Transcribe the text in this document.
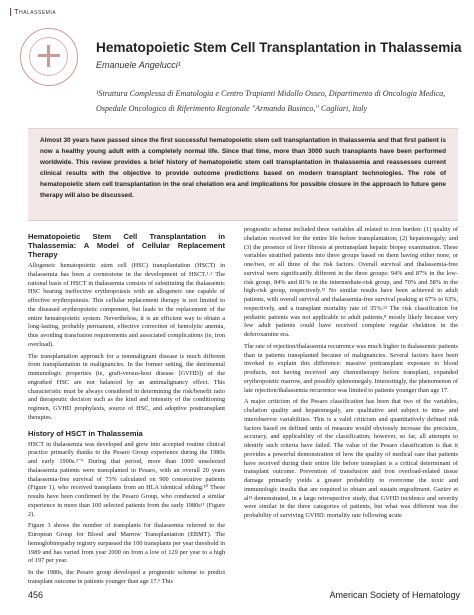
Thalassemia
Hematopoietic Stem Cell Transplantation in Thalassemia
Emanuele Angelucci¹
¹Struttura Complessa di Ematologia e Centro Trapianti Midollo Osseo, Dipartimento di Oncologia Medica, Ospedale Oncologico di Riferimento Regionale "Armando Businco," Cagliari, Italy
Almost 30 years have passed since the first successful hematopoietic stem cell transplantation in thalassemia and that first patient is now a healthy young adult with a completely normal life. Since that time, more than 3000 such transplants have been performed worldwide. This review provides a brief history of hematopoietic stem cell transplantation in thalassemia and reassesses current clinical results with the objective to provide outcome predictions based on modern transplant technologies. The role of hematopoietic stem cell transplantation in the oral chelation era and implications for possible closure in the approach to future gene therapy will also be discussed.
Hematopoietic Stem Cell Transplantation in Thalassemia: A Model of Cellular Replacement Therapy

Allogeneic hematopoietic stem cell (HSC) transplantation (HSCT) in thalassemia has been a cornerstone in the development of HSCT.¹˒² The rational basis of HSCT in thalassemia consists of substituting the thalassemic HSC bearing ineffective erythropoiesis with an allogeneic one capable of effective erythropoiesis. This cellular replacement therapy is not limited to the diseased erythropoietic component, but leads to the replacement of the entire hematopoietic system. Nevertheless, it is an efficient way to obtain a long-lasting, probably permanent, effective correction of hemolytic anemia, thus avoiding transfusion requirements and associated complications (ie, iron overload).

The transplantation approach for a nonmalignant disease is much different from transplantation in malignancies. In the former setting, the detrimental immunologic properties (ie, graft-versus-host disease [GVHD]) of the engrafted HSC are not balanced by an antimalignancy effect. This characteristic must be always considered in determining the risk/benefit ratio and therapeutic decision such as the kind and intensity of the conditioning regimen, GVHD prophylaxis, source of HSC, and adoptive posttransplant therapies.

History of HSCT in Thalassemia

HSCT in thalassemia was developed and grew into accepted routine clinical practice primarily thanks to the Pesaro Group experience during the 1980s and early 1990s.³⁻⁹ During that period, more than 1000 unselected thalassemia patients were transplanted in Pesaro, with an overall 20 years thalassemia-free survival of 73% calculated on 900 consecutive patients (Figure 1), who received transplants from an HLA identical sibling.¹⁰ These results have been confirmed by the Pesaro Group, who conducted a similar experience in more than 100 selected patients from the early 1980s¹¹ (Figure 2).

Figure 3 shows the number of transplants for thalassemia referred to the European Group for Blood and Marrow Transplantation (EBMT). The hemoglobinopathy registry surpassed the 100 transplants per year threshold in 1989 and has varied from year 2000 on from a low of 129 per year to a high of 197 per year.

In the 1980s, the Pesaro group developed a prognostic scheme to predict transplant outcome in patients younger than age 17.⁶ This

prognostic scheme included three variables all related to iron burden: (1) quality of chelation received for the entire life before transplantation; (2) hepatomegaly; and (3) the presence of liver fibrosis at pretransplant hepatic biopsy examination. These variables stratified patients into three groups based on them having either none, or one/two, or all three of the risk factors. Overall survival and thalassemia-free survival were significantly different in the three groups: 94% and 87% in the low-risk group, 84% and 81% in the intermediate-risk group, and 70% and 58% in the high-risk group, respectively.¹² No similar results have been achieved in adult patients, with overall survival and thalassemia-free survival peaking at 67% to 63%, respectively, and a transplant mortality rate of 35%.¹² The risk classification for pediatric patients was not applicable to adult patients,⁸ mostly likely because very few adult patients could have received complete regular chelation in the deferoxamine era.

The rate of rejection/thalassemia recurrence was much higher in thalassemic patients than in patients transplanted because of malignancies. Several factors have been invoked to explain this difference: massive pretransplant exposure to blood products, not having received any chemotherapy before transplant, expanded erythropoietic marrow, and possibly splenomegaly. Interestingly, the phenomenon of late rejection/thalassemia recurrence was limited to patients younger than age 17.

A major criticism of the Pesaro classification has been that two of the variables, chelation quality and hepatomegaly, are qualitative and subject to intra- and interobserver variabilities. This is a valid criticism and quantitatively defined risk factors based on defined units of measure would obviously increase the precision, accuracy, and applicability of the classification; however, so far, all attempts to identify such criteria have failed. The value of the Pesaro classification is that it provides a powerful demonstration of how the quality of medical care that patients have received during their entire life before transplant is a critical determinant of transplant outcome. Prevention of transfusion and iron overload-related tissue damage primarily yields a greater probability to overcome the toxic and immunologic insults that are required to obtain and sustain engraftment. Gaziev et al¹³ demonstrated, in a large retrospective study, that GVHD incidence and severity were similar in the three categories of patients, but what was different was the probability of surviving GVHD: mortality rate following acute

456	American Society of Hematology
